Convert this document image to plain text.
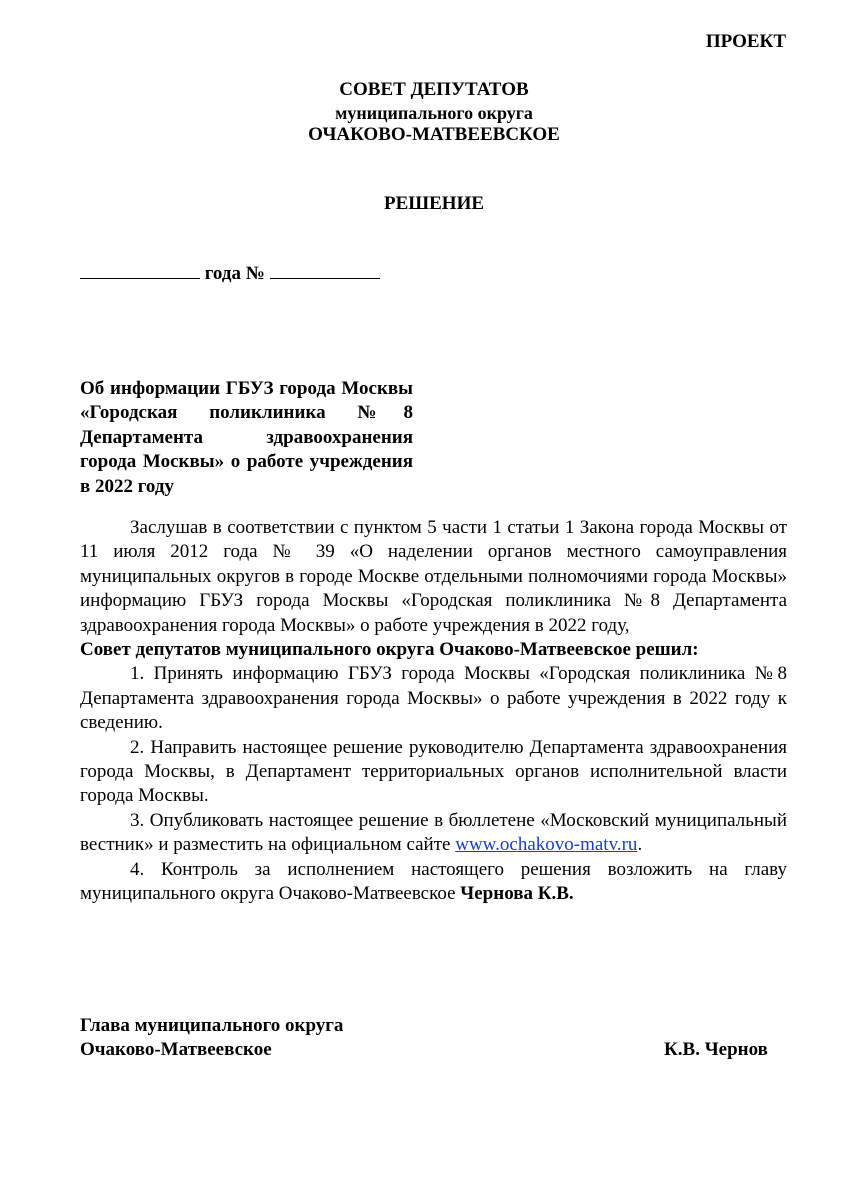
ПРОЕКТ
СОВЕТ ДЕПУТАТОВ
муниципального округа
ОЧАКОВО-МАТВЕЕВСКОЕ
РЕШЕНИЕ
года №
Об информации ГБУЗ города Москвы «Городская поликлиника №8 Департамента здравоохранения города Москвы» о работе учреждения в 2022 году

Заслушав в соответствии с пунктом 5 части 1 статьи 1 Закона города Москвы от 11 июля 2012 года № 39 «О наделении органов местного самоуправления муниципальных округов в городе Москве отдельными полномочиями города Москвы» информацию ГБУЗ города Москвы «Городская поликлиника №8 Департамента здравоохранения города Москвы» о работе учреждения в 2022 году,

Совет депутатов муниципального округа Очаково-Матвеевское решил:

1. Принять информацию ГБУЗ города Москвы «Городская поликлиника №8 Департамента здравоохранения города Москвы» о работе учреждения в 2022 году к сведению.

2. Направить настоящее решение руководителю Департамента здравоохранения города Москвы, в Департамент территориальных органов исполнительной власти города Москвы.

3. Опубликовать настоящее решение в бюллетене «Московский муниципальный вестник» и разместить на официальном сайте www.ochakovo-matv.ru.

4. Контроль за исполнением настоящего решения возложить на главу муниципального округа Очаково-Матвеевское Чернова К.В.

Глава муниципального округа
Очаково-Матвеевское	К.В. Чернов
